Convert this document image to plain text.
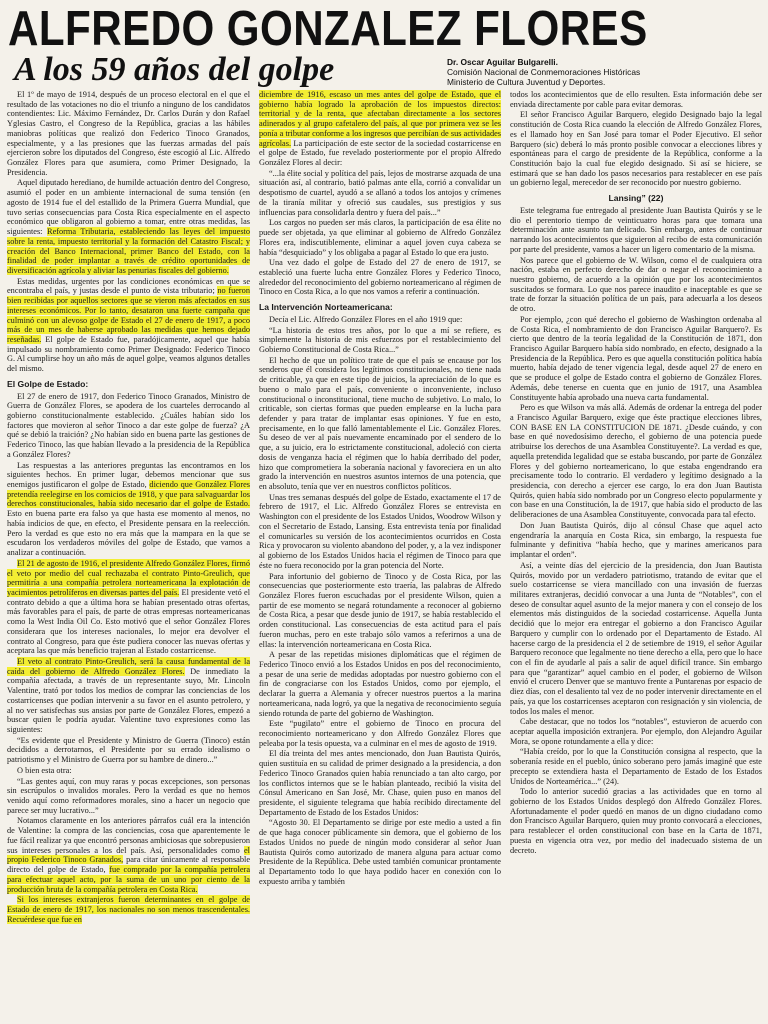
ALFREDO GONZALEZ FLORES
A los 59 años del golpe	Dr. Oscar Aguilar Bulgarelli.
Comisión Nacional de Conmemoraciones Históricas
Ministerio de Cultura Juventud y Deportes.

El 1º de mayo de 1914, después de un proceso electoral en el que el resultado de las votaciones no dio el triunfo a ninguno de los candidatos contendientes: Lic. Máximo Fernández, Dr. Carlos Durán y don Rafael Yglesias Castro, el Congreso de la República, gracias a las hábiles maniobras políticas que realizó don Federico Tinoco Granados, especialmente, y a las presiones que las fuerzas armadas del país ejercieron sobre los diputados del Congreso, éste escogió al Lic. Alfredo González Flores para que asumiera, como Primer Designado, la Presidencia.

Aquel diputado herediano, de humilde actuación dentro del Congreso, asumió el poder en un ambiente internacional de suma tensión (en agosto de 1914 fue el del estallido de la Primera Guerra Mundial, que tuvo serias consecuencias para Costa Rica especialmente en el aspecto económico que obligaron al gobierno a tomar, entre otras medidas, las siguientes: Reforma Tributaria, estableciendo las leyes del impuesto sobre la renta, impuesto territorial y la formación del Catastro Fiscal; y creación del Banco Internacional, primer Banco del Estado, con la finalidad de poder implantar a través de crédito oportunidades de diversificación agrícola y aliviar las penurias fiscales del gobierno.

Estas medidas, urgentes por las condiciones económicas en que se encontraba el país, y justas desde el punto de vista tributario; no fueron bien recibidas por aquellos sectores que se vieron más afectados en sus intereses económicos. Por lo tanto, desataron una fuerte campaña que culminó con un alevoso golpe de Estado el 27 de enero de 1917, a poco más de un mes de haberse aprobado las medidas que hemos dejado reseñadas. El golpe de Estado fue, paradójicamente, aquel que había impulsado su nombramiento como Primer Designado: Federico Tinoco G. Al cumplirse hoy un año más de aquel golpe, veamos algunos detalles del mismo.

El Golpe de Estado:

El 27 de enero de 1917, don Federico Tinoco Granados, Ministro de Guerra de González Flores, se apodera de los cuarteles derrocando al gobierno constitucionalmente establecido. ¿Cuáles habían sido los factores que movieron al señor Tinoco a dar este golpe de fuerza? ¿A qué se debió la traición? ¿No habían sido en buena parte las gestiones de Federico Tinoco, las que habían llevado a la presidencia de la República a González Flores?

Las respuestas a las anteriores preguntas las encontramos en los siguientes hechos. En primer lugar, debemos mencionar que sus enemigos justificaron el golpe de Estado, diciendo que González Flores pretendía reelegirse en los comicios de 1918, y que para salvaguardar los derechos constitucionales, había sido necesario dar el golpe de Estado. Esto en buena parte era falso ya que hasta ese momento al menos, no había indicios de que, en efecto, el Presidente pensara en la reelección. Pero la verdad es que esto no era más que la mampara en la que se escudaron los verdaderos móviles del golpe de Estado, que vamos a analizar a continuación.

El 21 de agosto de 1916, el presidente Alfredo González Flores, firmó el veto por medio del cual rechazaba el contrato Pinto-Greulich, que permitiría a una compañía petrolera norteamericana la explotación de yacimientos petrolíferos en diversas partes del país. El presidente vetó el contrato debido a que a última hora se habían presentado otras ofertas, más favorables para el país, de parte de otras empresas norteamericanas como la West India Oil Co. Esto motivó que el señor González Flores considerara que los intereses nacionales, lo mejor era devolver el contrato al Congreso, para que éste pudiera conocer las nuevas ofertas y aceptara las que más beneficio trajeran al Estado costarricense.

El veto al contrato Pinto-Greulich, será la causa fundamental de la caída del gobierno de Alfredo González Flores. De inmediato la compañía afectada, a través de un representante suyo, Mr. Lincoln Valentine, trató por todos los medios de comprar las conciencias de los costarricenses que podían intervenir a su favor en el asunto petrolero, y al no ver satisfechas sus ansias por parte de González Flores, empezó a buscar quien le podría ayudar. Valentine tuvo expresiones como las siguientes:

“Es evidente que el Presidente y Ministro de Guerra (Tinoco) están decididos a derrotarnos, el Presidente por su errado idealismo o patriotismo y el Ministro de Guerra por su hambre de dinero...”

O bien esta otra:

“Las gentes aquí, con muy raras y pocas excepciones, son personas sin escrúpulos o invalidos morales. Pero la verdad es que no hemos venido aquí como reformadores morales, sino a hacer un negocio que parece ser muy lucrativo...”

Notamos claramente en los anteriores párrafos cuál era la intención de Valentine: la compra de las conciencias, cosa que aparentemente le fue fácil realizar ya que encontró personas ambiciosas que sobrepusieron sus intereses personales a los del país. Así, personalidades como el propio Federico Tinoco Granados, para citar únicamente al responsable directo del golpe de Estado, fue comprado por la compañía petrolera para efectuar aquel acto, por la suma de un uno por ciento de la producción bruta de la compañía petrolera en Costa Rica.

Si los intereses extranjeros fueron determinantes en el golpe de Estado de enero de 1917, los nacionales no son menos trascendentales. Recuérdese que fue en

diciembre de 1916, escaso un mes antes del golpe de Estado, que el gobierno había logrado la aprobación de los impuestos directos: territorial y de la renta, que afectaban directamente a los sectores adinerados y al grupo cafetalero del país, al que por primera vez se les ponía a tributar conforme a los ingresos que percibían de sus actividades agrícolas. La participación de este sector de la sociedad costarricense en el golpe de Estado, fue revelado posteriormente por el propio Alfredo González Flores al decir:

“...la élite social y política del país, lejos de mostrarse azquada de una situación así, al contrario, batió palmas ante ella, corrió a convalidar un despotismo de cuartel, ayudó a se allanó a todos los antojos y crímenes de la tiranía militar y ofreció sus caudales, sus prestigios y sus influencias para consolidarla dentro y fuera del país...”

Los cargos no pueden ser más claros, la participación de esa élite no puede ser objetada, ya que eliminar al gobierno de Alfredo González Flores era, indiscutiblemente, eliminar a aquel joven cuya cabeza se había “desquiciado” y los obligaba a pagar al Estado lo que era justo.

Una vez dado el golpe de Estado del 27 de enero de 1917, se estableció una fuerte lucha entre González Flores y Federico Tinoco, alrededor del reconocimiento del gobierno norteamericano al régimen de Tinoco en Costa Rica, a lo que nos vamos a referir a continuación.

La Intervención Norteamericana:

Decía el Lic. Alfredo González Flores en el año 1919 que:

“La historia de estos tres años, por lo que a mí se refiere, es simplemente la historia de mis esfuerzos por el restablecimiento del Gobierno Constitucional de Costa Rica...”

El hecho de que un político trate de que el país se encause por los senderos que él considera los legítimos constitucionales, no tiene nada de criticable, ya que en este tipo de juicios, la apreciación de lo que es bueno o malo para el país, conveniente o inconveniente, incluso constitucional o inconstitucional, tiene mucho de subjetivo. Lo malo, lo criticable, son ciertas formas que pueden emplearse en la lucha para defender y para tratar de implantar esas opiniones. Y fue en esto, precisamente, en lo que falló lamentablemente el Lic. González Flores. Su deseo de ver al país nuevamente encaminado por el sendero de lo que, a su juicio, era lo estrictamente constitucional, adoleció con cierta dosis de venganza hacia el régimen que lo había derribado del poder, hizo que comprometiera la soberanía nacional y favoreciera en un alto grado la intervención en nuestros asuntos internos de una potencia, que en absoluto, tenía que ver en nuestros conflictos políticos.

Unas tres semanas después del golpe de Estado, exactamente el 17 de febrero de 1917, el Lic. Alfredo González Flores se entrevista en Washington con el presidente de los Estados Unidos, Woodrow Wilson y con el Secretario de Estado, Lansing. Esta entrevista tenía por finalidad el comunicarles su versión de los acontecimientos ocurridos en Costa Rica y provocaron su violento abandono del poder, y, a la vez indisponer al gobierno de los Estados Unidos hacia el régimen de Tinoco para que éste no fuera reconocido por la gran potencia del Norte.

Para infortunio del gobierno de Tinoco y de Costa Rica, por las consecuencias que posteriormente esto traería, las palabras de Alfredo González Flores fueron escuchadas por el presidente Wilson, quien a partir de ese momento se negará rotundamente a reconocer al gobierno de Costa Rica, a pesar que desde junio de 1917, se había restablecido el orden constitucional. Las consecuencias de esta actitud para el país fueron muchas, pero en este trabajo sólo vamos a referirnos a una de ellas: la intervención norteamericana en Costa Rica.

A pesar de las repetidas misiones diplomáticas que el régimen de Federico Tinoco envió a los Estados Unidos en pos del reconocimiento, a pesar de una serie de medidas adoptadas por nuestro gobierno con el fin de congraciarse con los Estados Unidos, como por ejemplo, el declarar la guerra a Alemania y ofrecer nuestros puertos a la marina norteamericana, nada logró, ya que la negativa de reconocimiento seguía siendo rotunda de parte del gobierno de Washington.

Este “pugilato” entre el gobierno de Tinoco en procura del reconocimiento norteamericano y don Alfredo González Flores que peleaba por la tesis opuesta, va a culminar en el mes de agosto de 1919.

El día treinta del mes antes mencionado, don Juan Bautista Quirós, quien sustituía en su calidad de primer designado a la presidencia, a don Federico Tinoco Granados quien había renunciado a tan alto cargo, por los conflictos internos que se le habían planteado, recibió la visita del Cónsul Americano en San José, Mr. Chase, quien puso en manos del presidente, el siguiente telegrama que había recibido directamente del Departamento de Estado de los Estados Unidos:

“Agosto 30. El Departamento se dirige por este medio a usted a fin de que haga conocer públicamente sin demora, que el gobierno de los Estados Unidos no puede de ningún modo considerar al señor Juan Bautista Quirós como autorizado de manera alguna para actuar como Presidente de la República. Debe usted también comunicar prontamente al Departamento todo lo que haya podido hacer en conexión con lo expuesto arriba y también

todos los acontecimientos que de ello resulten. Esta información debe ser enviada directamente por cable para evitar demoras.

El señor Francisco Aguilar Barquero, elegido Designado bajo la legal constitución de Costa Rica cuando la elección de Alfredo González Flores, es el llamado hoy en San José para tomar el Poder Ejecutivo. El señor Barquero (sic) deberá lo más pronto posible convocar a elecciones libres y espontáneas para el cargo de presidente de la República, conforme a la Constitución bajo la cual fue elegido designado. Si así se hiciere, se estimará que se han dado los pasos necesarios para restablecer en ese país un gobierno legal, merecedor de ser reconocido por nuestro gobierno.

Lansing” (22)

Este telegrama fue entregado al presidente Juan Bautista Quirós y se le dio el perentorio tiempo de veinticuatro horas para que tomara una determinación ante asunto tan delicado. Sin embargo, antes de continuar narrando los acontecimientos que siguieron al recibo de esta comunicación por parte del presidente, vamos a hacer un ligero comentario de la misma.

Nos parece que el gobierno de W. Wilson, como el de cualquiera otra nación, estaba en perfecto derecho de dar o negar el reconocimiento a nuestro gobierno, de acuerdo a la opinión que por los acontecimientos suscitados se formara. Lo que nos parece inaudito e inaceptable es que se trate de forzar la situación política de un país, para adecuarla a los deseos de otro.

Por ejemplo, ¿con qué derecho el gobierno de Washington ordenaba al de Costa Rica, el nombramiento de don Francisco Aguilar Barquero?. Es cierto que dentro de la teoría legalidad de la Constitución de 1871, don Francisco Aguilar Barquero había sido nombrado, en efecto, designado a la Presidencia de la República. Pero es que aquella constitución política había muerto, había dejado de tener vigencia legal, desde aquel 27 de enero en que se produce el golpe de Estado contra el gobierno de González Flores. Además, debe tenerse en cuenta que en junio de 1917, una Asamblea Constituyente había aprobado una nueva carta fundamental.

Pero es que Wilson va más allá. Además de ordenar la entrega del poder a Francisco Aguilar Barquero, exige que éste practique elecciones libres, CON BASE EN LA CONSTITUCION DE 1871. ¿Desde cuándo, y con base en qué novedosísimo derecho, el gobierno de una potencia puede atribuirse los derechos de una Asamblea Constituyente?. La verdad es que, aquella pretendida legalidad que se estaba buscando, por parte de González Flores y del gobierno norteamericano, lo que estaba engendrando era precisamente todo lo contrario. El verdadero y legítimo designado a la presidencia, con derecho a ejercer ese cargo, lo era don Juan Bautista Quirós, quien había sido nombrado por un Congreso electo popularmente y con base en una Constitución, la de 1917, que había sido el producto de las deliberaciones de una Asamblea Constituyente, convocada para tal efecto.

Don Juan Bautista Quirós, dijo al cónsul Chase que aquel acto engendraría la anarquía en Costa Rica, sin embargo, la respuesta fue fulminante y definitiva “había hecho, que y marines americanos para implantar el orden”.

Así, a veinte días del ejercicio de la presidencia, don Juan Bautista Quirós, movido por un verdadero patriotismo, tratando de evitar que el suelo costarricense se viera mancillado con una invasión de fuerzas militares extranjeras, decidió convocar a una Junta de “Notables”, con el deseo de consultar aquel asunto de la mejor manera y con el consejo de los elementos más distinguidos de la sociedad costarricense. Aquella Junta decidió que lo mejor era entregar el gobierno a don Francisco Aguilar Barquero y cumplir con lo ordenado por el Departamento de Estado. Al hacerse cargo de la presidencia el 2 de setiembre de 1919, el señor Aguilar Barquero reconoce que legalmente no tiene derecho a ella, pero que lo hace con el fin de ayudarle al país a salir de aquel difícil trance. Sin embargo para que “garantizar” aquel cambio en el poder, el gobierno de Wilson envió el crucero Denver que se mantuvo frente a Puntarenas por espacio de diez días, con el desaliento tal vez de no poder intervenir directamente en el país, ya que los costarricenses aceptaron con resignación y sin violencia, de todos los males el menor.

Cabe destacar, que no todos los “notables”, estuvieron de acuerdo con aceptar aquella imposición extranjera. Por ejemplo, don Alejandro Aguilar Mora, se opone rotundamente a ella y dice:

“Había creído, por lo que la Constitución consigna al respecto, que la soberanía reside en el pueblo, único soberano pero jamás imaginé que este precepto se extendiera hasta el Departamento de Estado de los Estados Unidos de Norteamérica...” (24).

Todo lo anterior sucedió gracias a las actividades que en torno al gobierno de los Estados Unidos desplegó don Alfredo González Flores. Afortunadamente el poder quedó en manos de un digno ciudadano como don Francisco Aguilar Barquero, quien muy pronto convocará a elecciones, para restablecer el orden constitucional con base en la Carta de 1871, puesta en vigencia otra vez, por medio del inadecuado sistema de un decreto.
